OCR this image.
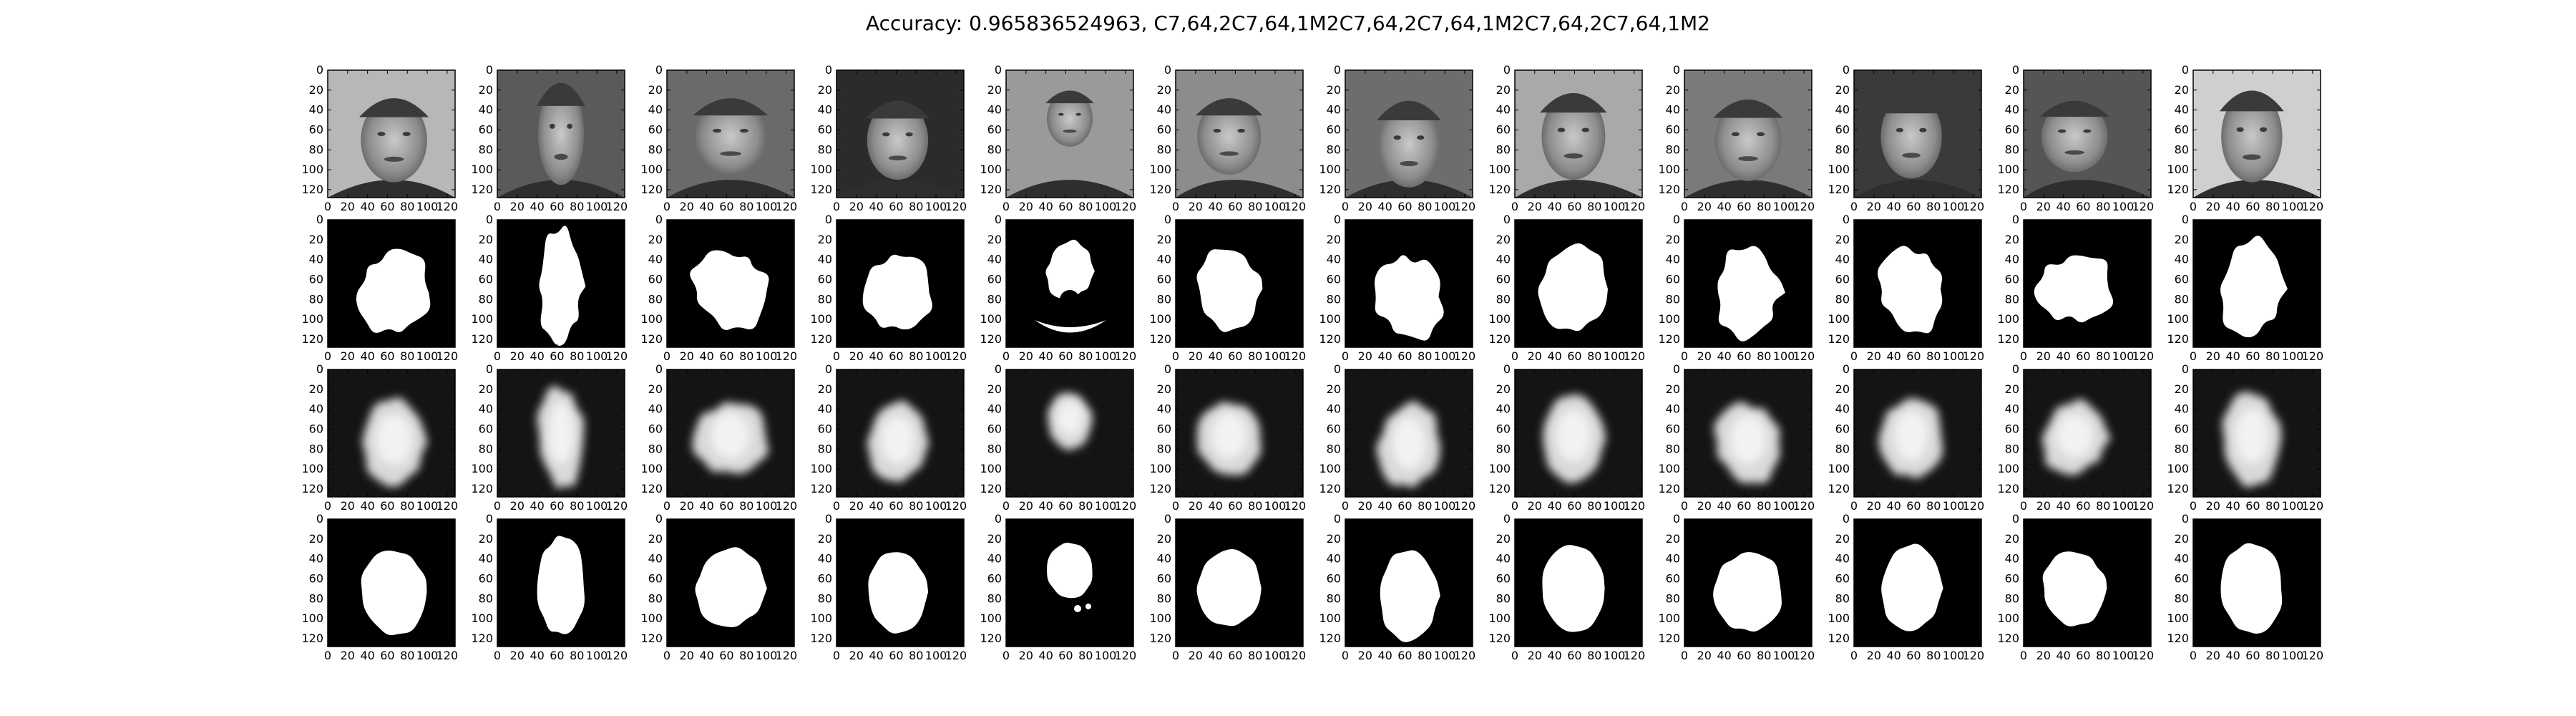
Accuracy: 0.965836524963, C7,64,2C7,64,1M2C7,64,2C7,64,1M2C7,64,2C7,64,1M2
0 20 40 60 80 100
120
0
20
40
60
80
100
120
0 20 40 60 80 100
120
0
20
40
60
80
100
120
0 20 40 60 80 100
120
0
20
40
60
80
100
120
0 20 40 60 80 100
120
0
20
40
60
80
100
120
0 20 40 60 80 100
120
0
20
40
60
80
100
120
0 20 40 60 80 100
120
0
20
40
60
80
100
120
0 20 40 60 80 100
120
0
20
40
60
80
100
120
0 20 40 60 80 100
120
0
20
40
60
80
100
120
0 20 40 60 80 100
120
0
20
40
60
80
100
120
0 20 40 60 80 100
120
0
20
40
60
80
100
120
0 20 40 60 80 100
120
0
20
40
60
80
100
120
0 20 40 60 80 100
120
0
20
40
60
80
100
120
0 20 40 60 80 100
120
0
20
40
60
80
100
120
0 20 40 60 80 100
120
0
20
40
60
80
100
120
0 20 40 60 80 100
120
0
20
40
60
80
100
120
0 20 40 60 80 100
120
0
20
40
60
80
100
120
0 20 40 60 80 100
120
0
20
40
60
80
100
120
0 20 40 60 80 100
120
0
20
40
60
80
100
120
0 20 40 60 80 100
120
0
20
40
60
80
100
120
0 20 40 60 80 100
120
0
20
40
60
80
100
120
0 20 40 60 80 100
120
0
20
40
60
80
100
120
0 20 40 60 80 100
120
0
20
40
60
80
100
120
0 20 40 60 80 100
120
0
20
40
60
80
100
120
0 20 40 60 80 100
120
0
20
40
60
80
100
120
0 20 40 60 80 100
120
0
20
40
60
80
100
120
0 20 40 60 80 100
120
0
20
40
60
80
100
120
0 20 40 60 80 100
120
0
20
40
60
80
100
120
0 20 40 60 80 100
120
0
20
40
60
80
100
120
0 20 40 60 80 100
120
0
20
40
60
80
100
120
0 20 40 60 80 100
120
0
20
40
60
80
100
120
0 20 40 60 80 100
120
0
20
40
60
80
100
120
0 20 40 60 80 100
120
0
20
40
60
80
100
120
0 20 40 60 80 100
120
0
20
40
60
80
100
120
0 20 40 60 80 100
120
0
20
40
60
80
100
120
0 20 40 60 80 100
120
0
20
40
60
80
100
120
0 20 40 60 80 100
120
0
20
40
60
80
100
120
0 20 40 60 80 100
120
0
20
40
60
80
100
120
0 20 40 60 80 100
120
0
20
40
60
80
100
120
0 20 40 60 80 100
120
0
20
40
60
80
100
120
0 20 40 60 80 100
120
0
20
40
60
80
100
120
0 20 40 60 80 100
120
0
20
40
60
80
100
120
0 20 40 60 80 100
120
0
20
40
60
80
100
120
0 20 40 60 80 100
120
0
20
40
60
80
100
120
0 20 40 60 80 100
120
0
20
40
60
80
100
120
0 20 40 60 80 100
120
0
20
40
60
80
100
120
0 20 40 60 80 100
120
0
20
40
60
80
100
120
0 20 40 60 80 100
120
0
20
40
60
80
100
120
0 20 40 60 80 100
120
0
20
40
60
80
100
120
